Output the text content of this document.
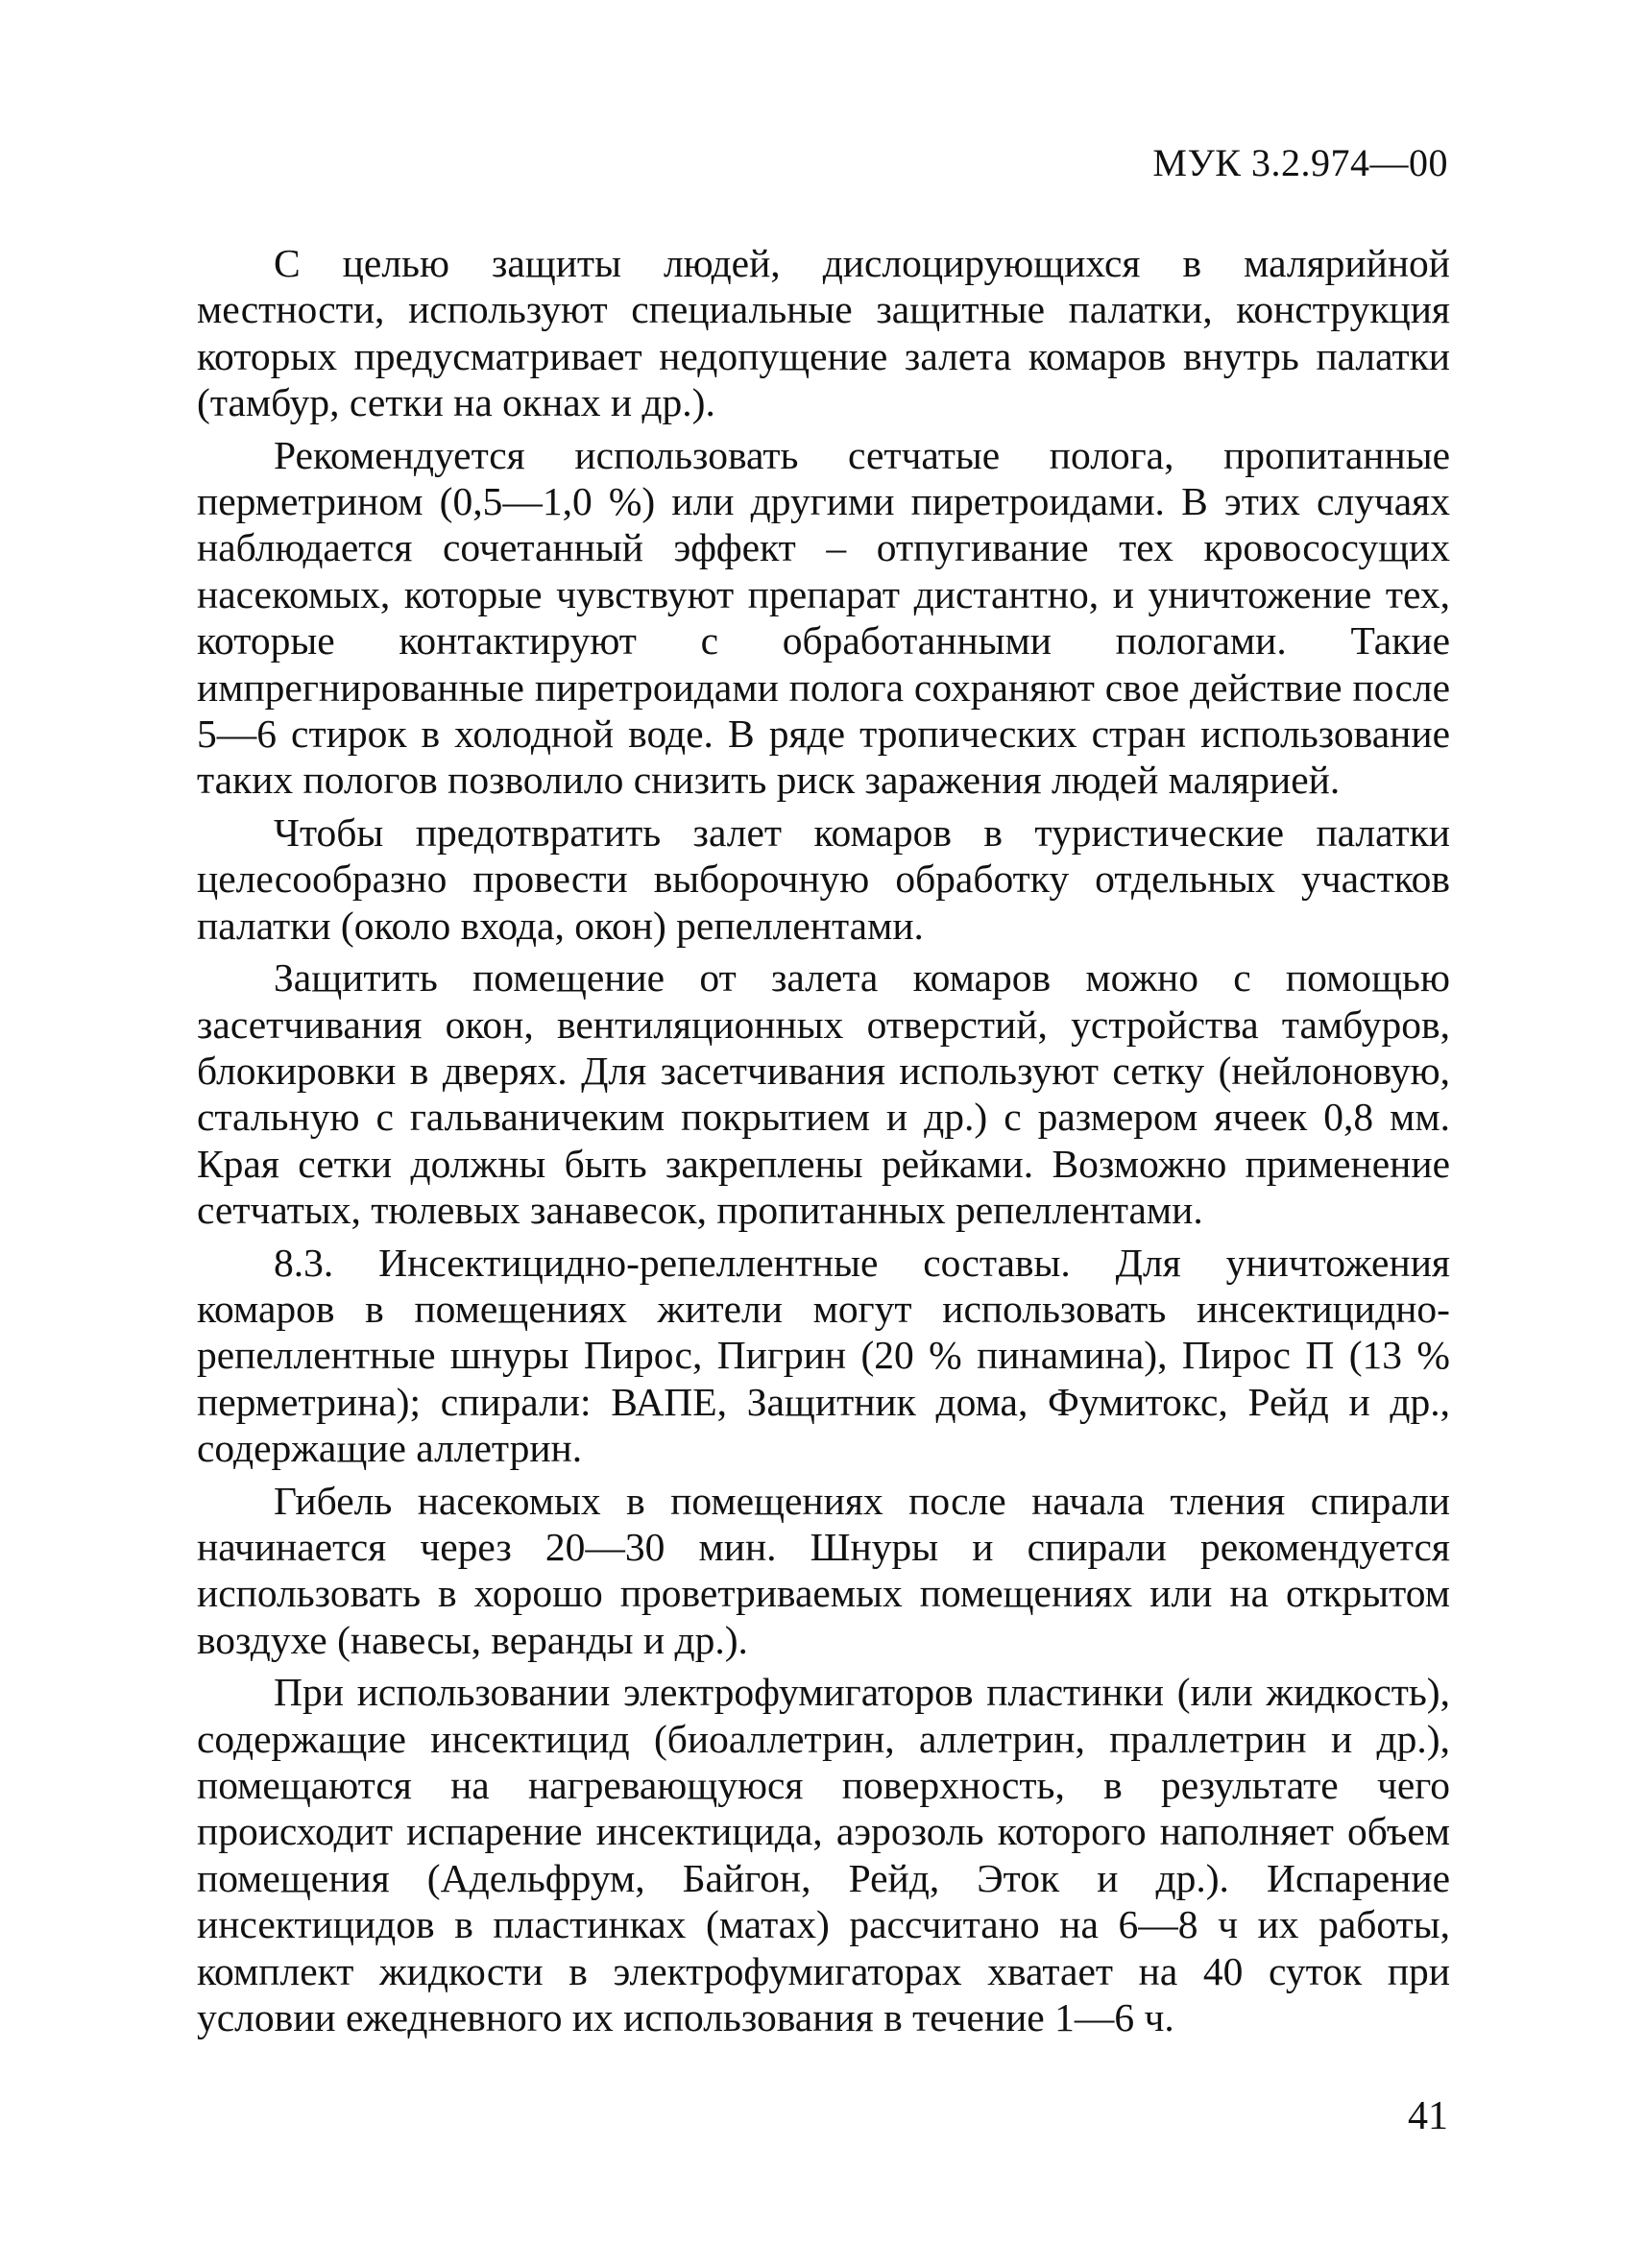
МУК 3.2.974—00

С целью защиты людей, дислоцирующихся в малярийной местности, используют специальные защитные палатки, конструкция которых предусматривает недопущение залета комаров внутрь палатки (тамбур, сетки на окнах и др.).

Рекомендуется использовать сетчатые полога, пропитанные перметрином (0,5—1,0 %) или другими пиретроидами. В этих случаях наблюдается сочетанный эффект – отпугивание тех кровососущих насекомых, которые чувствуют препарат дистантно, и уничтожение тех, которые контактируют с обработанными пологами. Такие импрегнированные пиретроидами полога сохраняют свое действие после 5—6 стирок в холодной воде. В ряде тропических стран использование таких пологов позволило снизить риск заражения людей малярией.

Чтобы предотвратить залет комаров в туристические палатки целесообразно провести выборочную обработку отдельных участков палатки (около входа, окон) репеллентами.

Защитить помещение от залета комаров можно с помощью засетчивания окон, вентиляционных отверстий, устройства тамбуров, блокировки в дверях. Для засетчивания используют сетку (нейлоновую, стальную с гальваничеким покрытием и др.) с размером ячеек 0,8 мм. Края сетки должны быть закреплены рейками. Возможно применение сетчатых, тюлевых занавесок, пропитанных репеллентами.

8.3. Инсектицидно-репеллентные составы. Для уничтожения комаров в помещениях жители могут использовать инсектицидно-репеллентные шнуры Пирос, Пигрин (20 % пинамина), Пирос П (13 % перметрина); спирали: ВАПЕ, Защитник дома, Фумитокс, Рейд и др., содержащие аллетрин.

Гибель насекомых в помещениях после начала тления спирали начинается через 20—30 мин. Шнуры и спирали рекомендуется использовать в хорошо проветриваемых помещениях или на открытом воздухе (навесы, веранды и др.).

При использовании электрофумигаторов пластинки (или жидкость), содержащие инсектицид (биоаллетрин, аллетрин, праллетрин и др.), помещаются на нагревающуюся поверхность, в результате чего происходит испарение инсектицида, аэрозоль которого наполняет объем помещения (Адельфрум, Байгон, Рейд, Эток и др.). Испарение инсектицидов в пластинках (матах) рассчитано на 6—8 ч их работы, комплект жидкости в электрофумигаторах хватает на 40 суток при условии ежедневного их использования в течение 1—6 ч.

41
